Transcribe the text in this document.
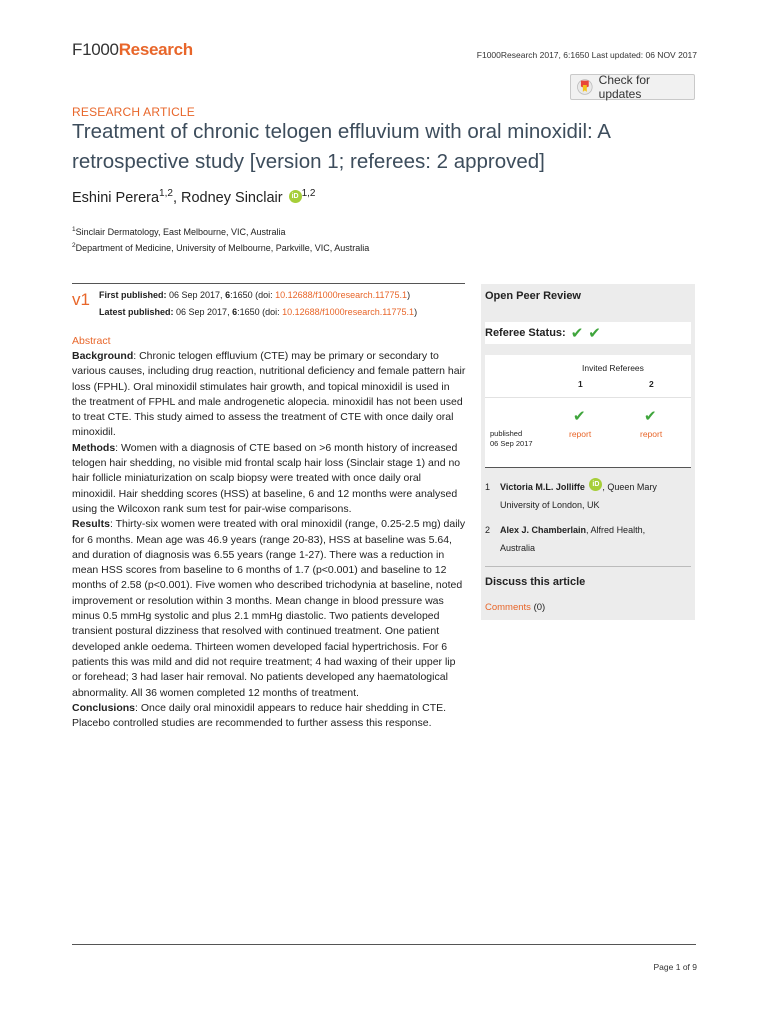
F1000Research	F1000Research 2017, 6:1650 Last updated: 06 NOV 2017
Check for updates
RESEARCH ARTICLE
Treatment of chronic telogen effluvium with oral minoxidil: A retrospective study [version 1; referees: 2 approved]
Eshini Perera$^{1,2}$, Rodney Sinclair iD $^{1,2}$
$^1$Sinclair Dermatology, East Melbourne, VIC, Australia
$^2$Department of Medicine, University of Melbourne, Parkville, VIC, Australia
v1 First published: 06 Sep 2017, 6:1650 (doi: 10.12688/f1000research.11775.1)
Latest published: 06 Sep 2017, 6:1650 (doi: 10.12688/f1000research.11775.1)
Abstract

Background: Chronic telogen effluvium (CTE) may be primary or secondary to various causes, including drug reaction, nutritional deficiency and female pattern hair loss (FPHL). Oral minoxidil stimulates hair growth, and topical minoxidil is used in the treatment of FPHL and male androgenetic alopecia. minoxidil has not been used to treat CTE. This study aimed to assess the treatment of CTE with once daily oral minoxidil.

Methods: Women with a diagnosis of CTE based on >6 month history of increased telogen hair shedding, no visible mid frontal scalp hair loss (Sinclair stage 1) and no hair follicle miniaturization on scalp biopsy were treated with once daily oral minoxidil. Hair shedding scores (HSS) at baseline, 6 and 12 months were analysed using the Wilcoxon rank sum test for pair-wise comparisons.

Results: Thirty-six women were treated with oral minoxidil (range, 0.25-2.5 mg) daily for 6 months. Mean age was 46.9 years (range 20-83), HSS at baseline was 5.64, and duration of diagnosis was 6.55 years (range 1-27). There was a reduction in mean HSS scores from baseline to 6 months of 1.7 (p<0.001) and baseline to 12 months of 2.58 (p<0.001). Five women who described trichodynia at baseline, noted improvement or resolution within 3 months. Mean change in blood pressure was minus 0.5 mmHg systolic and plus 2.1 mmHg diastolic. Two patients developed transient postural dizziness that resolved with continued treatment. One patient developed ankle oedema. Thirteen women developed facial hypertrichosis. For 6 patients this was mild and did not require treatment; 4 had waxing of their upper lip or forehead; 3 had laser hair removal. No patients developed any haematological abnormality. All 36 women completed 12 months of treatment.

Conclusions: Once daily oral minoxidil appears to reduce hair shedding in CTE. Placebo controlled studies are recommended to further assess this response.

Open Peer Review
Referee Status: ✔ ✔
Invited Referees
1	2
✔	✔
published
06 Sep 2017
report	report
1 Victoria M.L. Jolliffe iD , Queen Mary
University of London, UK
2 Alex J. Chamberlain, Alfred Health,
Australia
Discuss this article
Comments (0)
Page 1 of 9
